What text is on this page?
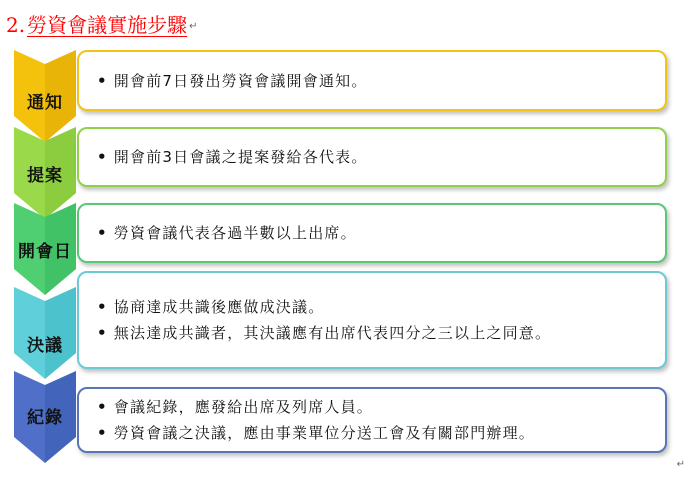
2. 勞資會議實施步驟 ↵
通知
• 開會前7日發出勞資會議開會通知。
提案
• 開會前3日會議之提案發給各代表。
開會日
• 勞資會議代表各過半數以上出席。
決議
• 協商達成共識後應做成決議。
• 無法達成共識者，其決議應有出席代表四分之三以上之同意。
紀錄
• 會議紀錄，應發給出席及列席人員。
• 勞資會議之決議，應由事業單位分送工會及有關部門辦理。
↵
